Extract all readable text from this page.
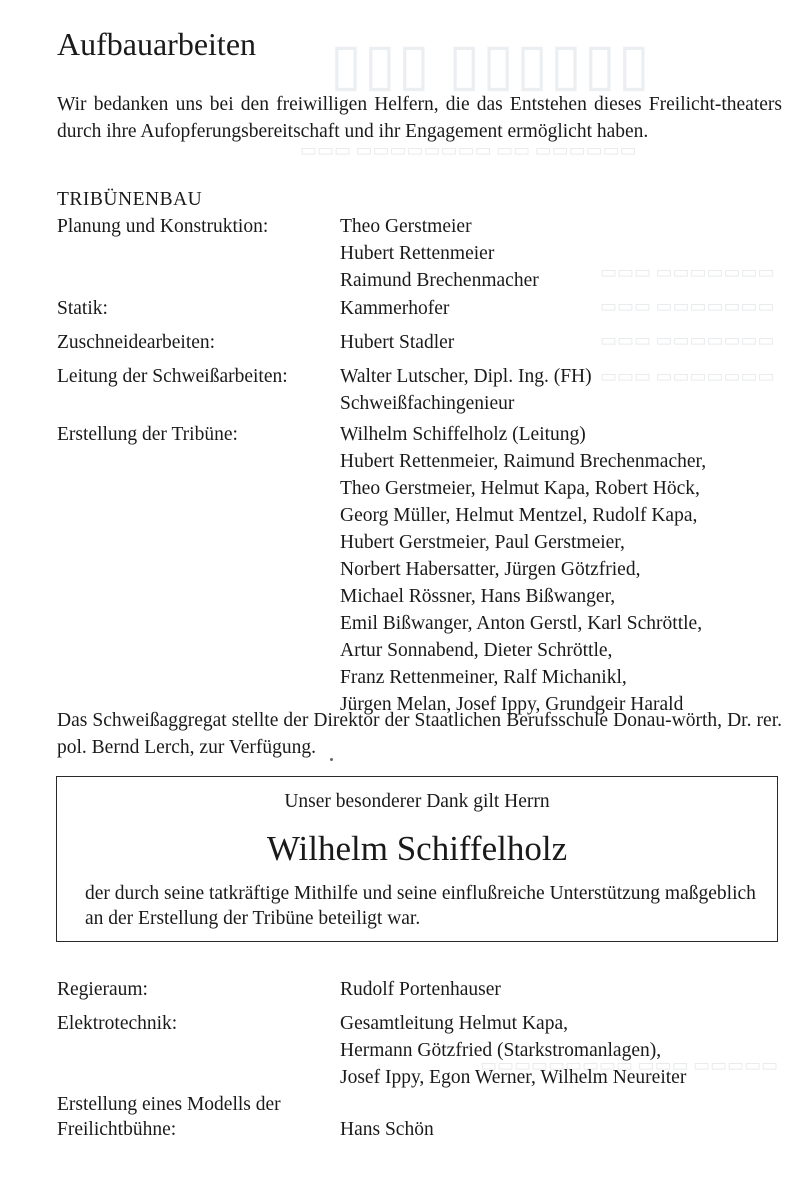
▯▯▯ ▯▯▯▯▯▯
▭▭▭ ▭▭▭▭▭▭▭▭ ▭▭ ▭▭▭▭▭▭
▭▭▭ ▭▭▭▭▭▭▭
▭▭▭ ▭▭▭▭▭▭▭
▭▭▭ ▭▭▭▭▭▭▭
▭▭▭ ▭▭▭▭▭▭▭
▭▭▭▭▭▭▭▭▭ ▭▭▭ ▭▭▭▭▭
Aufbauarbeiten

Wir bedanken uns bei den freiwilligen Helfern, die das Entstehen dieses Freilicht-theaters durch ihre Aufopferungsbereitschaft und ihr Engagement ermöglicht haben.

TRIBÜNENBAU
Planung und Konstruktion:	Theo Gerstmeier
Hubert Rettenmeier
Raimund Brechenmacher
Statik:	Kammerhofer
Zuschneidearbeiten:	Hubert Stadler
Leitung der Schweißarbeiten:	Walter Lutscher, Dipl. Ing. (FH)
Schweißfachingenieur
Erstellung der Tribüne:	Wilhelm Schiffelholz (Leitung)
Hubert Rettenmeier, Raimund Brechenmacher,
Theo Gerstmeier, Helmut Kapa, Robert Höck,
Georg Müller, Helmut Mentzel, Rudolf Kapa,
Hubert Gerstmeier, Paul Gerstmeier,
Norbert Habersatter, Jürgen Götzfried,
Michael Rössner, Hans Bißwanger,
Emil Bißwanger, Anton Gerstl, Karl Schröttle,
Artur Sonnabend, Dieter Schröttle,
Franz Rettenmeiner, Ralf Michanikl,
Jürgen Melan, Josef Ippy, Grundgeir Harald

Das Schweißaggregat stellte der Direktor der Staatlichen Berufsschule Donau-wörth, Dr. rer. pol. Bernd Lerch, zur Verfügung.

Unser besonderer Dank gilt Herrn
Wilhelm Schiffelholz
der durch seine tatkräftige Mithilfe und seine einflußreiche Unterstützung maßgeblich an der Erstellung der Tribüne beteiligt war.
Regieraum:	Rudolf Portenhauser
Elektrotechnik:	Gesamtleitung Helmut Kapa,
Hermann Götzfried (Starkstromanlagen),
Josef Ippy, Egon Werner, Wilhelm Neureiter
Erstellung eines Modells der Freilichtbühne:	Hans Schön
